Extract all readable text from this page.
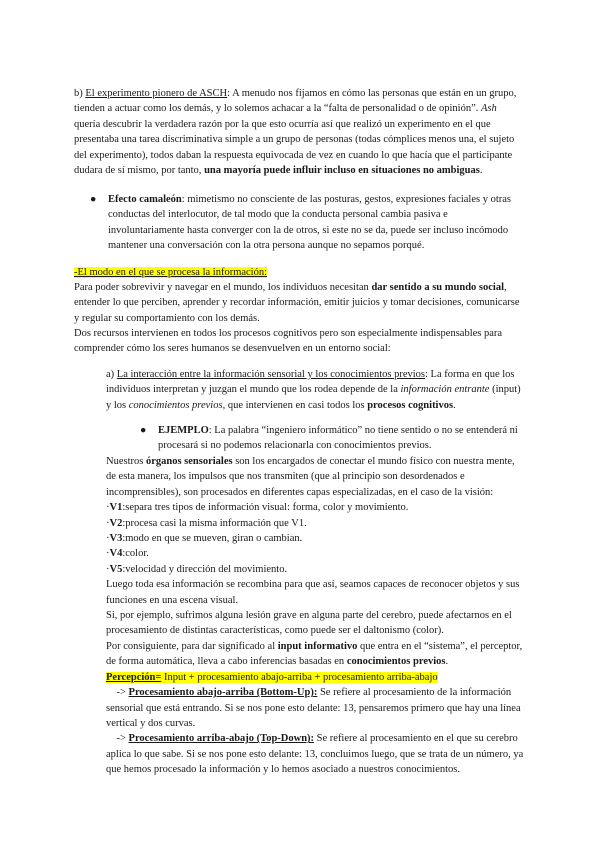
b) El experimento pionero de ASCH: A menudo nos fijamos en cómo las personas que están en un grupo, tienden a actuar como los demás, y lo solemos achacar a la “falta de personalidad o de opinión”. Ash quería descubrir la verdadera razón por la que esto ocurría así que realizó un experimento en el que presentaba una tarea discriminativa simple a un grupo de personas (todas cómplices menos una, el sujeto del experimento), todos daban la respuesta equivocada de vez en cuando lo que hacía que el participante dudara de sí mismo, por tanto, una mayoría puede influir incluso en situaciones no ambiguas.

● Efecto camaleón: mimetismo no consciente de las posturas, gestos, expresiones faciales y otras conductas del interlocutor, de tal modo que la conducta personal cambia pasiva e involuntariamente hasta converger con la de otros, si este no se da, puede ser incluso incómodo mantener una conversación con la otra persona aunque no sepamos porqué.

-El modo en el que se procesa la información:

Para poder sobrevivir y navegar en el mundo, los individuos necesitan dar sentido a su mundo social, entender lo que perciben, aprender y recordar información, emitir juicios y tomar decisiones, comunicarse y regular su comportamiento con los demás.

Dos recursos intervienen en todos los procesos cognitivos pero son especialmente indispensables para comprender cómo los seres humanos se desenvuelven en un entorno social:

a) La interacción entre la información sensorial y los conocimientos previos: La forma en que los individuos interpretan y juzgan el mundo que los rodea depende de la información entrante (input) y los conocimientos previos, que intervienen en casi todos los procesos cognitivos.

● EJEMPLO: La palabra “ingeniero informático” no tiene sentido o no se entenderá ni procesará si no podemos relacionarla con conocimientos previos.

Nuestros órganos sensoriales son los encargados de conectar el mundo físico con nuestra mente, de esta manera, los impulsos que nos transmiten (que al principio son desordenados e incomprensibles), son procesados en diferentes capas especializadas, en el caso de la visión:

·V1:separa tres tipos de información visual: forma, color y movimiento.

·V2:procesa casi la misma información que V1.

·V3:modo en que se mueven, giran o cambian.

·V4:color.

·V5:velocidad y dirección del movimiento.

Luego toda esa información se recombina para que así, seamos capaces de reconocer objetos y sus funciones en una escena visual.

Si, por ejemplo, sufrimos alguna lesión grave en alguna parte del cerebro, puede afectarnos en el procesamiento de distintas características, como puede ser el daltonismo (color).

Por consiguiente, para dar significado al input informativo que entra en el “sistema”, el perceptor, de forma automática, lleva a cabo inferencias basadas en conocimientos previos.

Percepción= Input + procesamiento abajo-arriba + procesamiento arriba-abajo

-> Procesamiento abajo-arriba (Bottom-Up): Se refiere al procesamiento de la información sensorial que está entrando. Si se nos pone esto delante: 13, pensaremos primero que hay una línea vertical y dos curvas.

-> Procesamiento arriba-abajo (Top-Down): Se refiere al procesamiento en el que su cerebro aplica lo que sabe. Si se nos pone esto delante: 13, concluimos luego, que se trata de un número, ya que hemos procesado la información y lo hemos asociado a nuestros conocimientos.
